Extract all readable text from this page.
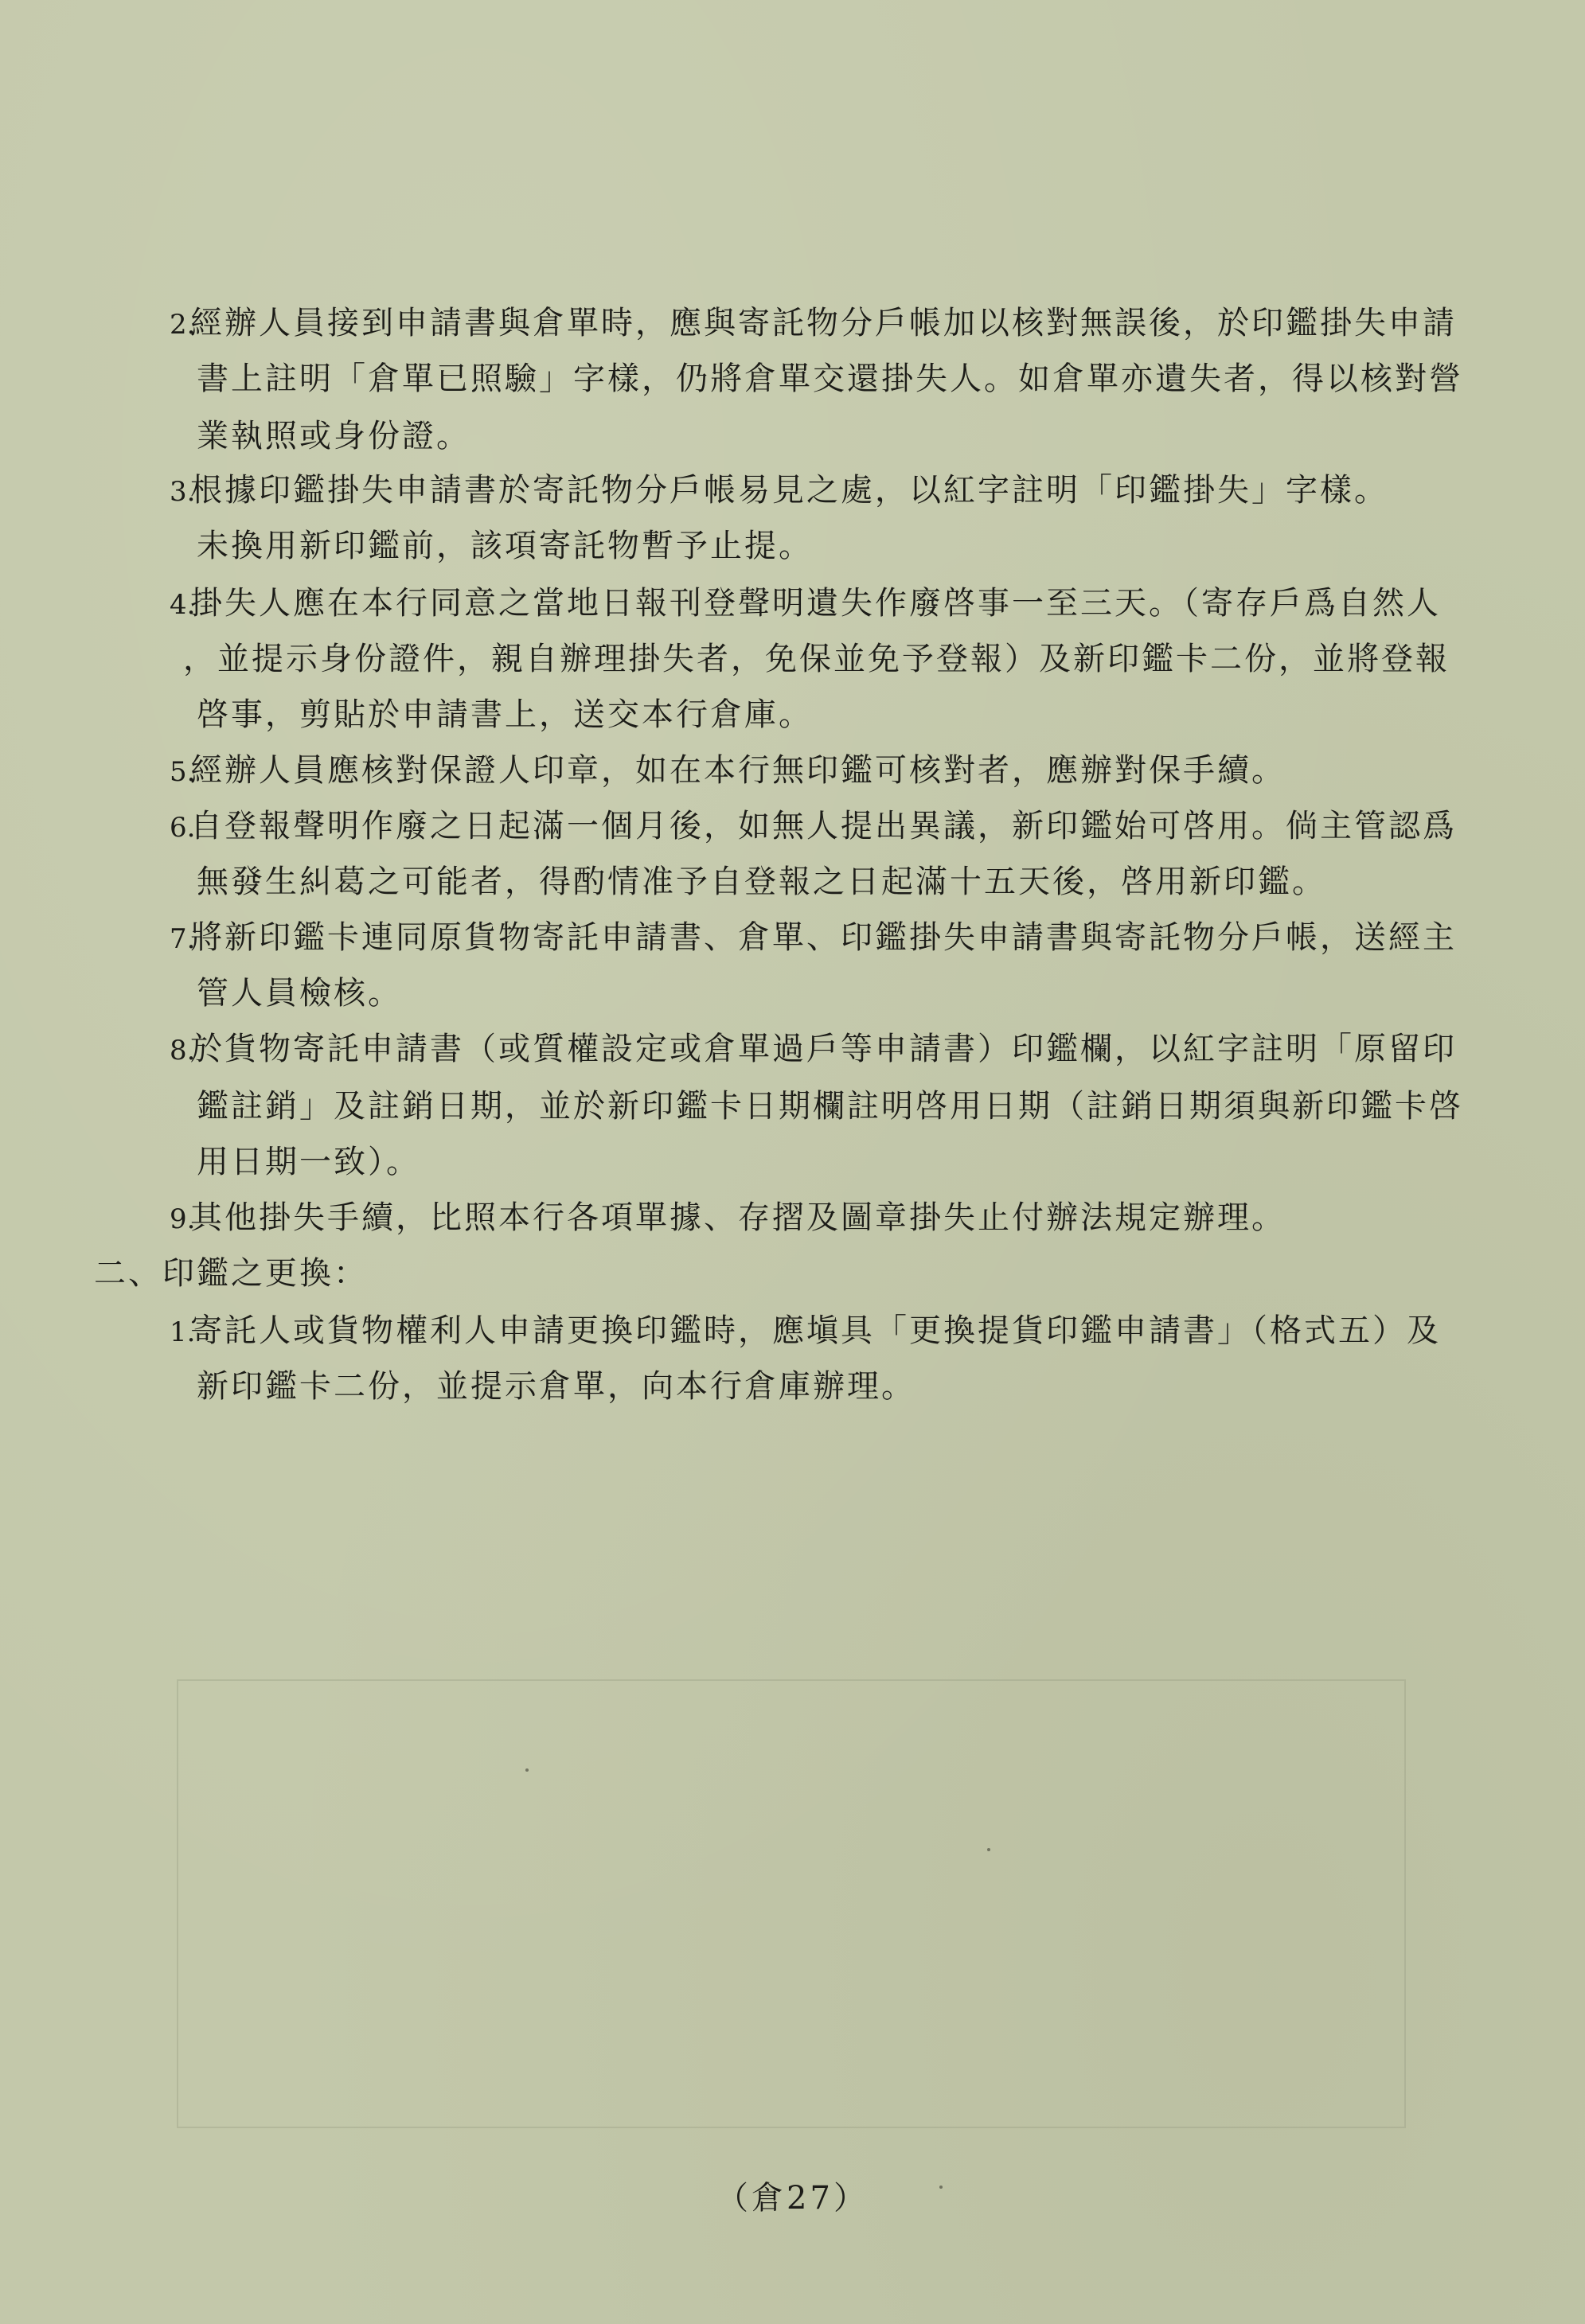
2.經辦人員接到申請書與倉單時，應與寄託物分戶帳加以核對無誤後，於印鑑掛失申請
書上註明「倉單已照驗」字樣，仍將倉單交還掛失人。如倉單亦遺失者，得以核對營
業執照或身份證。
3.根據印鑑掛失申請書於寄託物分戶帳易見之處，以紅字註明「印鑑掛失」字樣。
未換用新印鑑前，該項寄託物暫予止提。
4.掛失人應在本行同意之當地日報刊登聲明遺失作廢啓事一至三天。（寄存戶爲自然人
，並提示身份證件，親自辦理掛失者，免保並免予登報）及新印鑑卡二份，並將登報
啓事，剪貼於申請書上，送交本行倉庫。
5.經辦人員應核對保證人印章，如在本行無印鑑可核對者，應辦對保手續。
6.自登報聲明作廢之日起滿一個月後，如無人提出異議，新印鑑始可啓用。倘主管認爲
無發生糾葛之可能者，得酌情准予自登報之日起滿十五天後，啓用新印鑑。
7.將新印鑑卡連同原貨物寄託申請書、倉單、印鑑掛失申請書與寄託物分戶帳，送經主
管人員檢核。
8.於貨物寄託申請書（或質權設定或倉單過戶等申請書）印鑑欄，以紅字註明「原留印
鑑註銷」及註銷日期，並於新印鑑卡日期欄註明啓用日期（註銷日期須與新印鑑卡啓
用日期一致）。
9.其他掛失手續，比照本行各項單據、存摺及圖章掛失止付辦法規定辦理。
二、印鑑之更換：
1.寄託人或貨物權利人申請更換印鑑時，應塡具「更換提貨印鑑申請書」（格式五）及
新印鑑卡二份，並提示倉單，向本行倉庫辦理。
（倉27）
